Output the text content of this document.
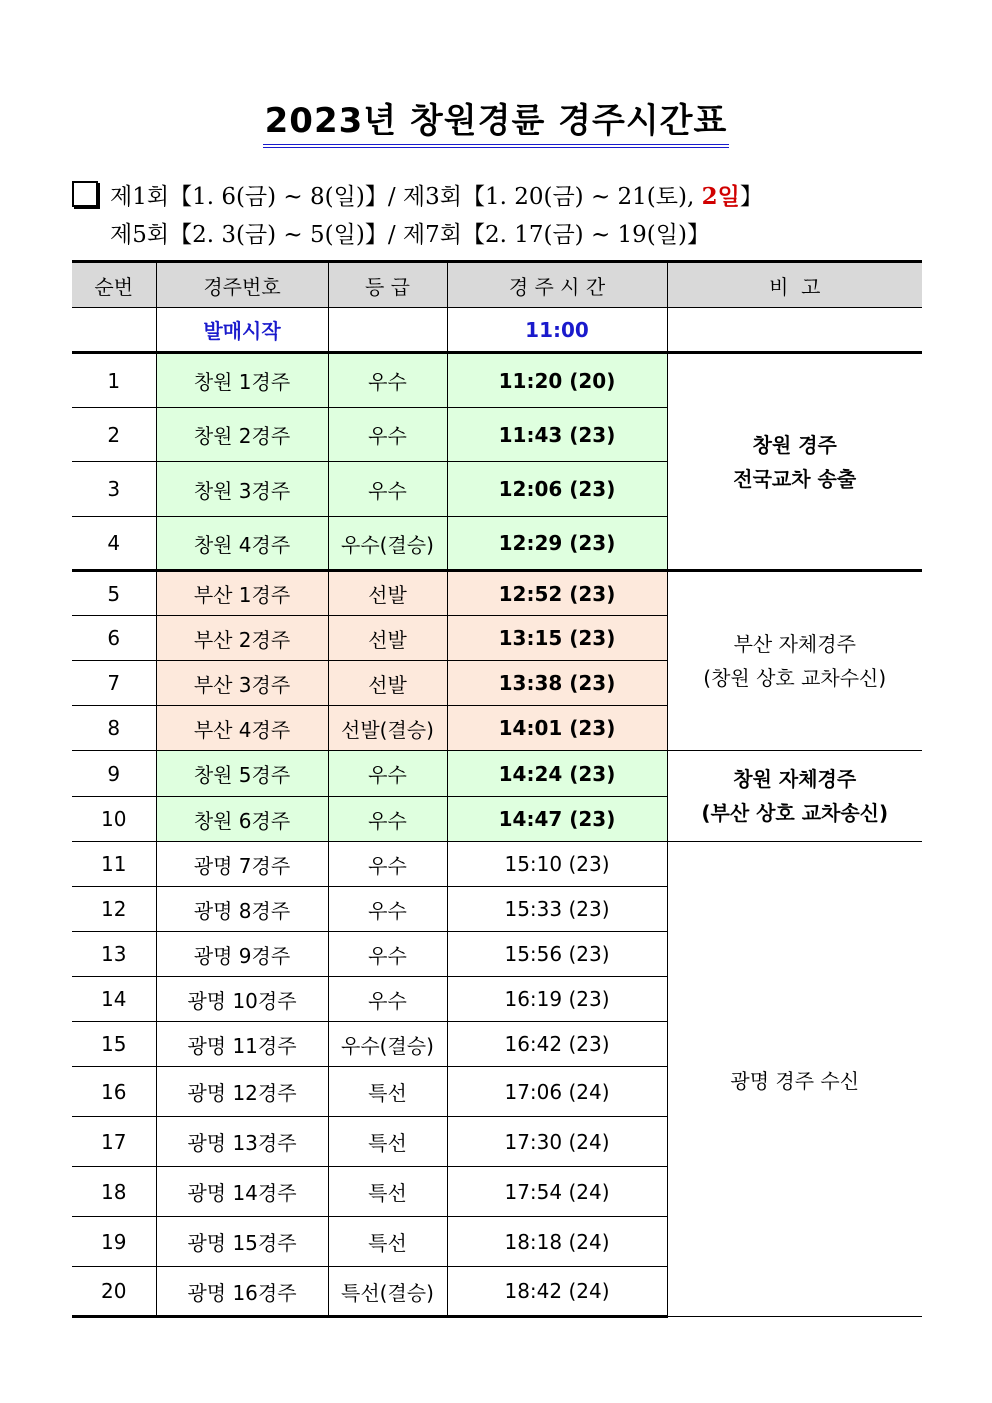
2023년 창원경륜 경주시간표
제1회【1. 6(금) ~ 8(일)】/ 제3회【1. 20(금) ~ 21(토), 2일】
제5회【2. 3(금) ~ 5(일)】/ 제7회【2. 17(금) ~ 19(일)】
순번	경주번호	등 급	경 주 시 간	비  고
	발매시작		11:00	
1	창원 1경주	우수	11:20 (20)	창원 경주
전국교차 송출

2	창원 2경주	우수	11:43 (23)	
3	창원 3경주	우수	12:06 (23)	
4	창원 4경주	우수(결승)	12:29 (23)	
5	부산 1경주	선발	12:52 (23)	부산 자체경주
(창원 상호 교차수신)

6	부산 2경주	선발	13:15 (23)	
7	부산 3경주	선발	13:38 (23)	
8	부산 4경주	선발(결승)	14:01 (23)	
9	창원 5경주	우수	14:24 (23)	창원 자체경주
(부산 상호 교차송신)

10	창원 6경주	우수	14:47 (23)	
11	광명 7경주	우수	15:10 (23)	광명 경주 수신
12	광명 8경주	우수	15:33 (23)	
13	광명 9경주	우수	15:56 (23)	
14	광명 10경주	우수	16:19 (23)	
15	광명 11경주	우수(결승)	16:42 (23)	
16	광명 12경주	특선	17:06 (24)	
17	광명 13경주	특선	17:30 (24)	
18	광명 14경주	특선	17:54 (24)	
19	광명 15경주	특선	18:18 (24)	
20	광명 16경주	특선(결승)	18:42 (24)	
